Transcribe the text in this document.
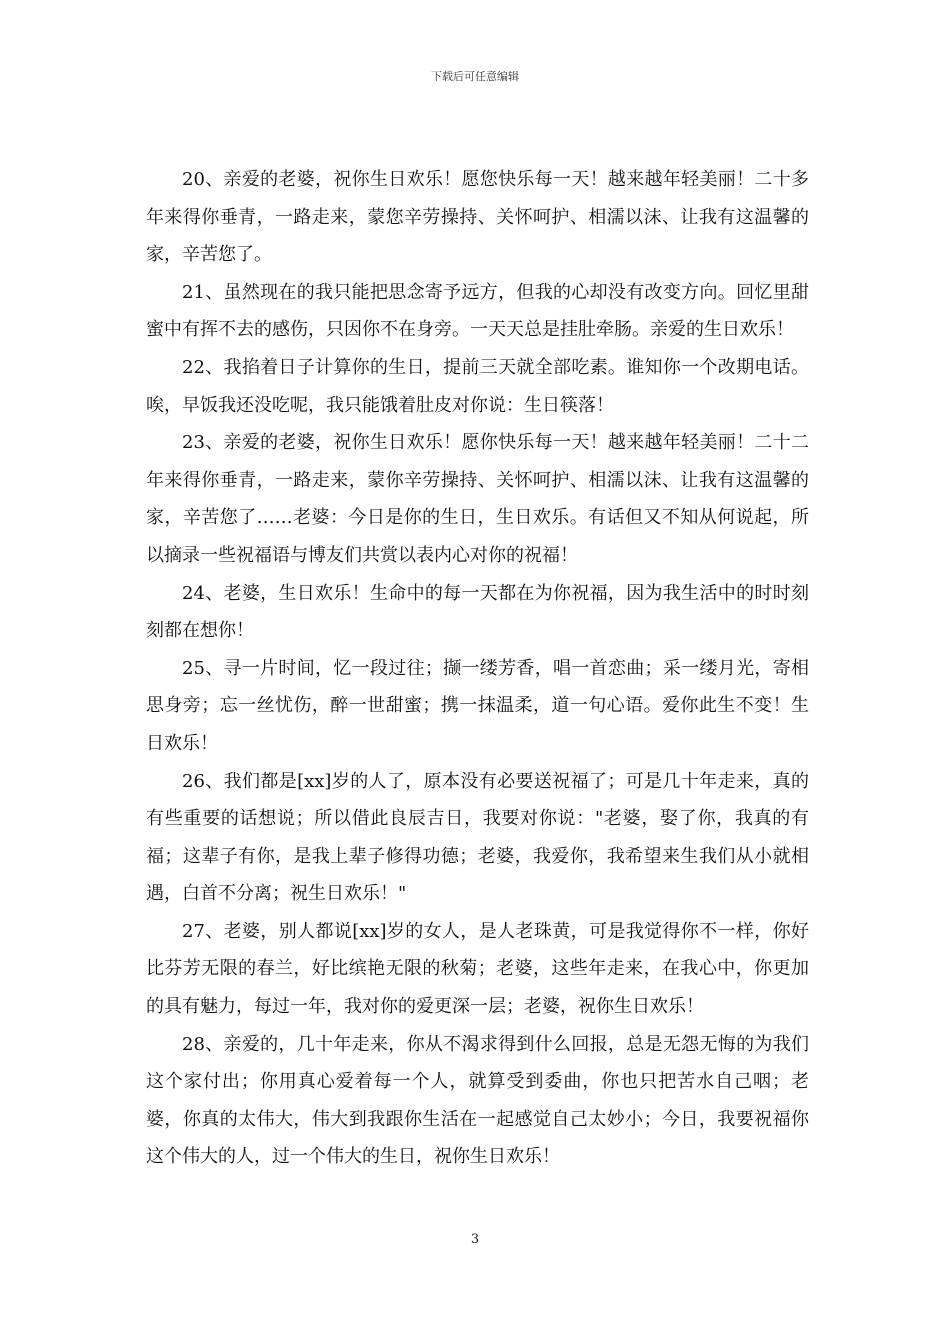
下载后可任意编辑

20、亲爱的老婆，祝你生日欢乐！愿您快乐每一天！越来越年轻美丽！二十多年来得你垂青，一路走来，蒙您辛劳操持、关怀呵护、相濡以沫、让我有这温馨的家，辛苦您了。

21、虽然现在的我只能把思念寄予远方，但我的心却没有改变方向。回忆里甜蜜中有挥不去的感伤，只因你不在身旁。一天天总是挂肚牵肠。亲爱的生日欢乐！

22、我掐着日子计算你的生日，提前三天就全部吃素。谁知你一个改期电话。唉，早饭我还没吃呢，我只能饿着肚皮对你说：生日筷落！

23、亲爱的老婆，祝你生日欢乐！愿你快乐每一天！越来越年轻美丽！二十二年来得你垂青，一路走来，蒙你辛劳操持、关怀呵护、相濡以沫、让我有这温馨的家，辛苦您了……老婆：今日是你的生日，生日欢乐。有话但又不知从何说起，所以摘录一些祝福语与博友们共赏以表内心对你的祝福！

24、老婆，生日欢乐！生命中的每一天都在为你祝福，因为我生活中的时时刻刻都在想你！

25、寻一片时间，忆一段过往；撷一缕芳香，唱一首恋曲；采一缕月光，寄相思身旁；忘一丝忧伤，醉一世甜蜜；携一抹温柔，道一句心语。爱你此生不变！生日欢乐！

26、我们都是[xx]岁的人了，原本没有必要送祝福了；可是几十年走来，真的有些重要的话想说；所以借此良辰吉日，我要对你说："老婆，娶了你，我真的有福；这辈子有你，是我上辈子修得功德；老婆，我爱你，我希望来生我们从小就相遇，白首不分离；祝生日欢乐！"

27、老婆，别人都说[xx]岁的女人，是人老珠黄，可是我觉得你不一样，你好比芬芳无限的春兰，好比缤艳无限的秋菊；老婆，这些年走来，在我心中，你更加的具有魅力，每过一年，我对你的爱更深一层；老婆，祝你生日欢乐！

28、亲爱的，几十年走来，你从不渴求得到什么回报，总是无怨无悔的为我们这个家付出；你用真心爱着每一个人，就算受到委曲，你也只把苦水自己咽；老婆，你真的太伟大，伟大到我跟你生活在一起感觉自己太妙小；今日，我要祝福你这个伟大的人，过一个伟大的生日，祝你生日欢乐！

3
